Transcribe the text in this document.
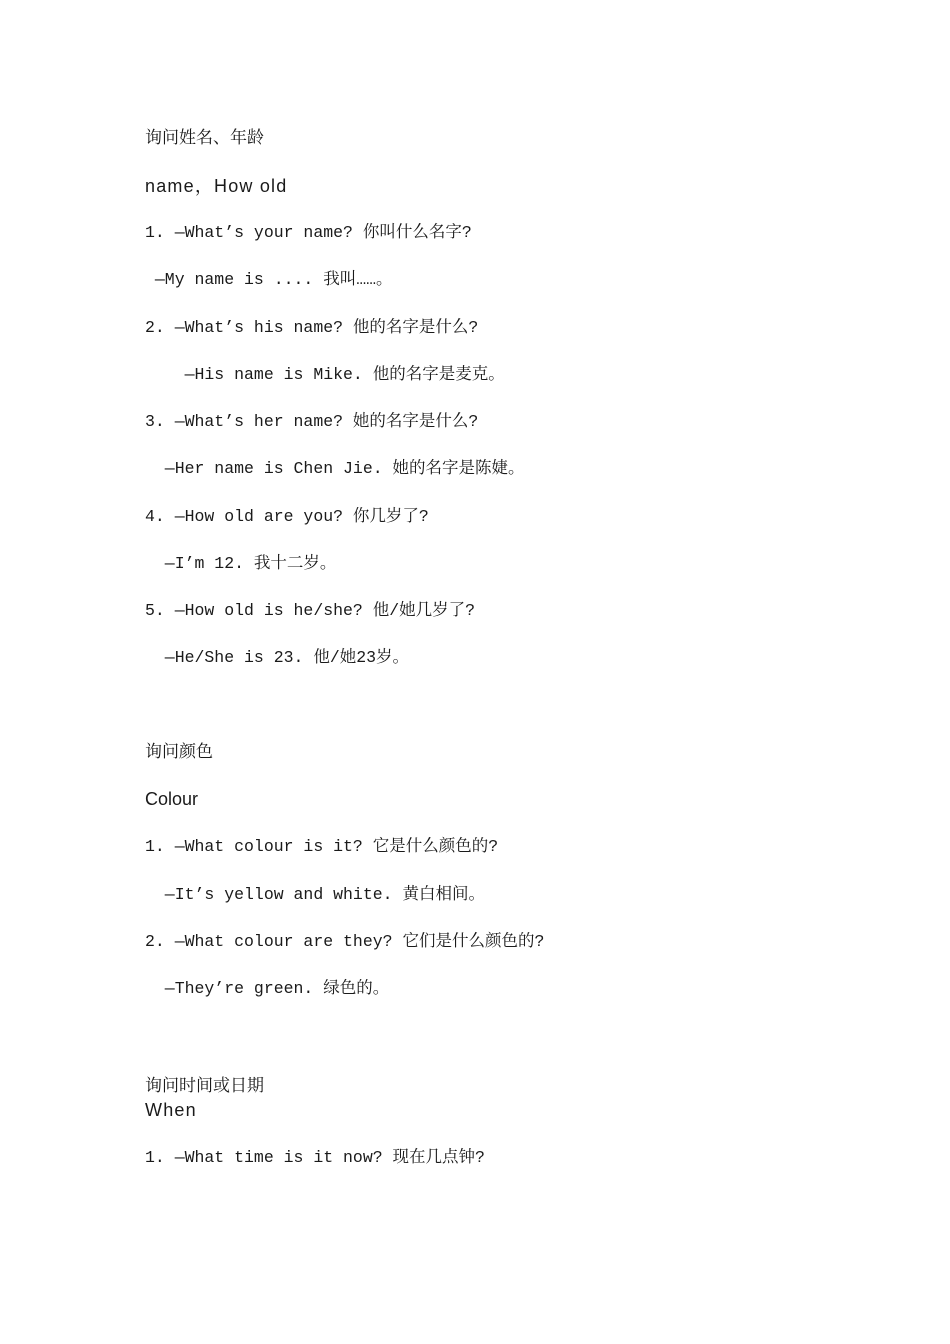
询问姓名、年龄
name，How old
1. —What’s your name? 你叫什么名字?
—My name is .... 我叫……。
2. —What’s his name? 他的名字是什么?
—His name is Mike. 他的名字是麦克。
3. —What’s her name? 她的名字是什么?
—Her name is Chen Jie. 她的名字是陈婕。
4. —How old are you? 你几岁了?
—I’m 12. 我十二岁。
5. —How old is he/she? 他/她几岁了?
—He/She is 23. 他/她23岁。
询问颜色
Colour
1. —What colour is it? 它是什么颜色的?
—It’s yellow and white. 黄白相间。
2. —What colour are they? 它们是什么颜色的?
—They’re green. 绿色的。
询问时间或日期
When
1. —What time is it now? 现在几点钟?
